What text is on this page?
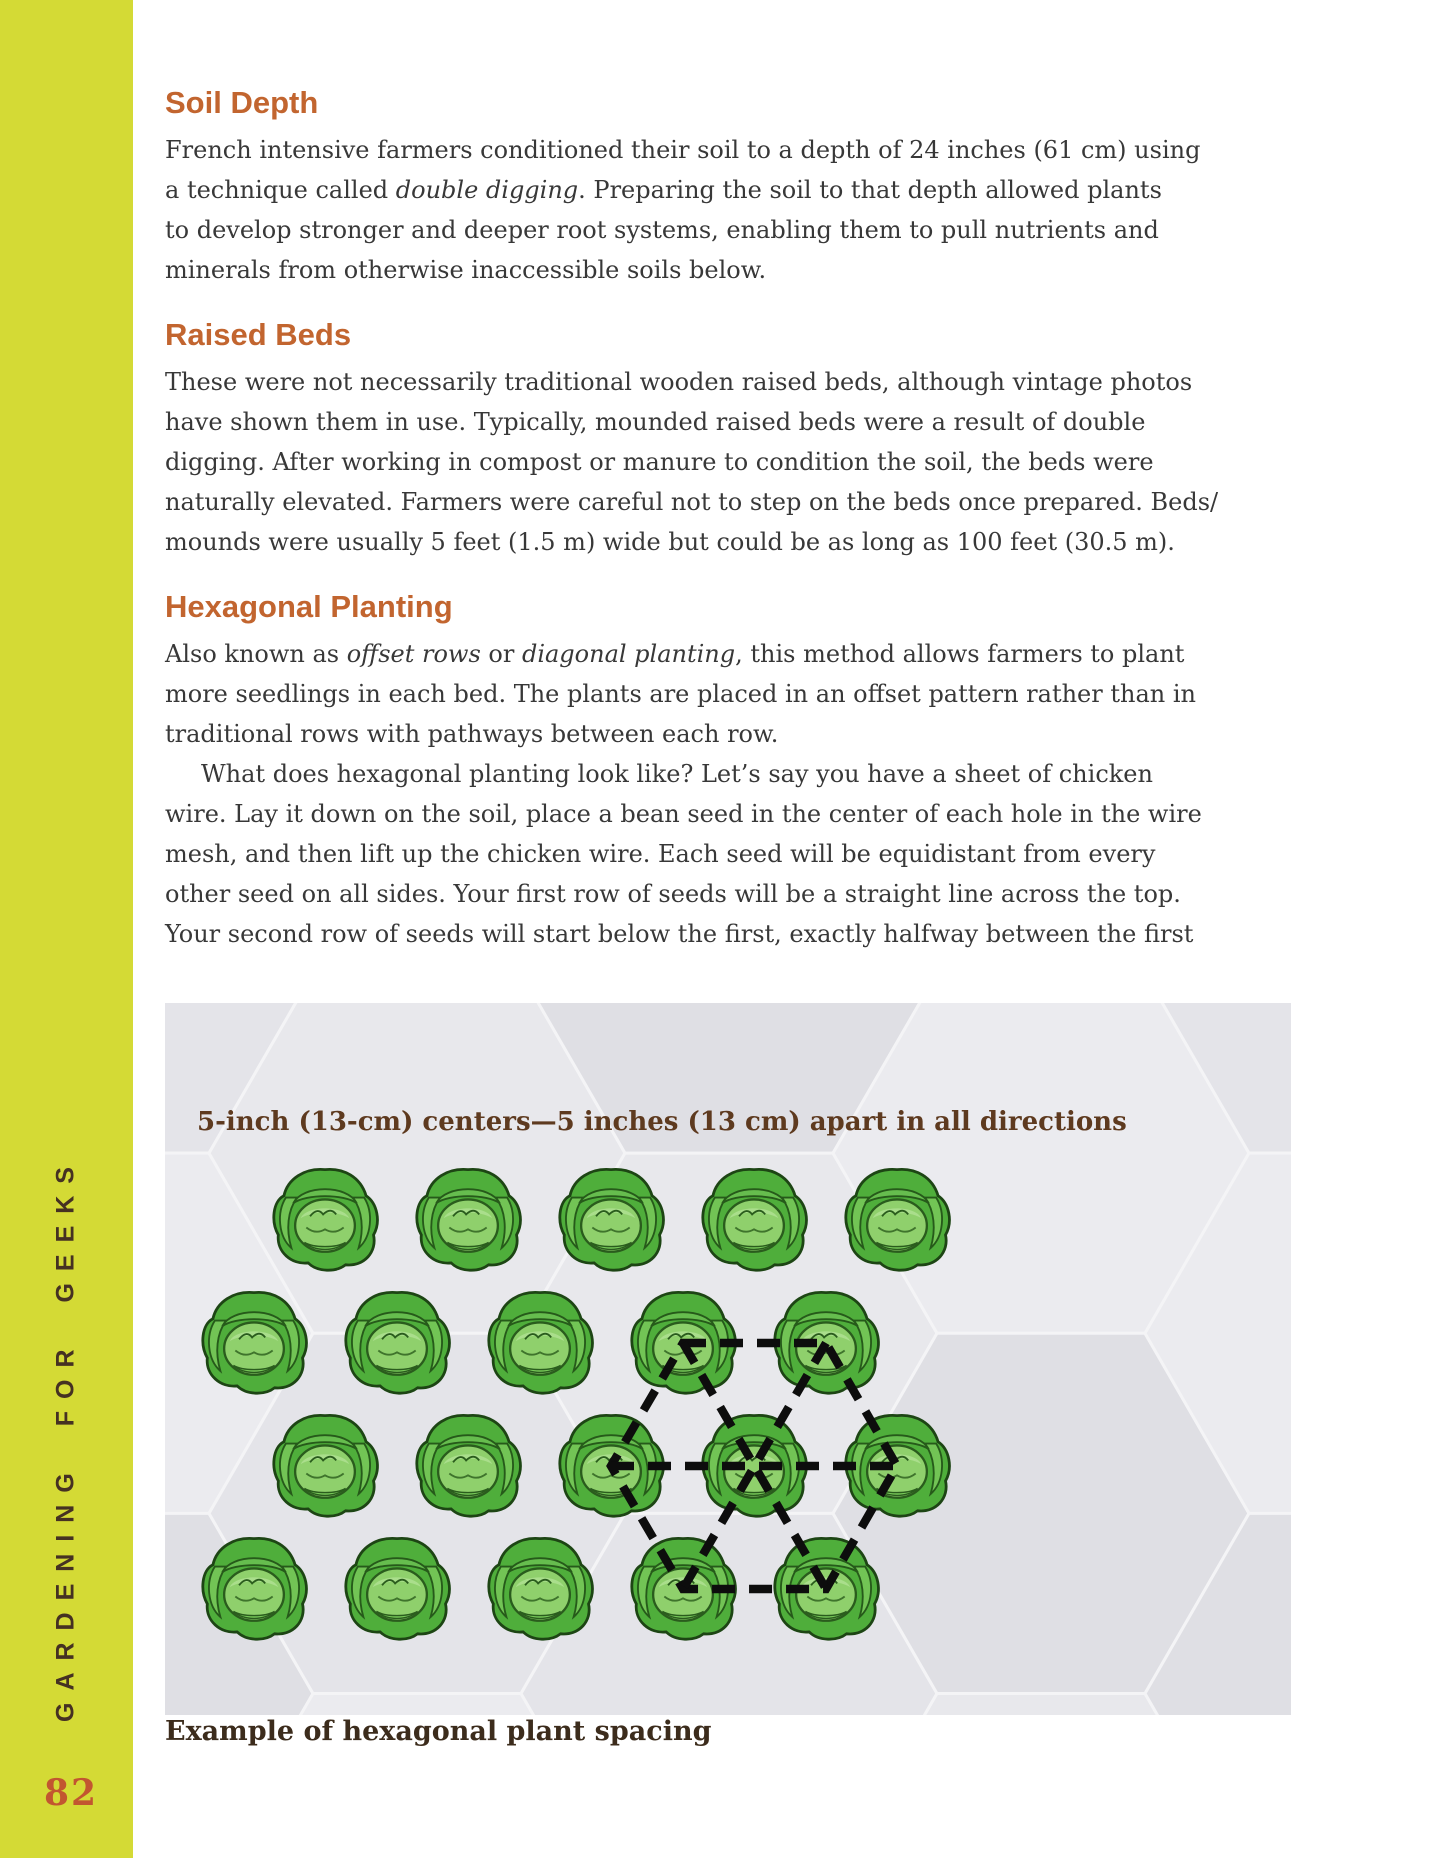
GARDENING FOR GEEKS
82
Soil Depth
French intensive farmers conditioned their soil to a depth of 24 inches (61 cm) using
a technique called double digging. Preparing the soil to that depth allowed plants
to develop stronger and deeper root systems, enabling them to pull nutrients and
minerals from otherwise inaccessible soils below.
Raised Beds
These were not necessarily traditional wooden raised beds, although vintage photos
have shown them in use. Typically, mounded raised beds were a result of double
digging. After working in compost or manure to condition the soil, the beds were
naturally elevated. Farmers were careful not to step on the beds once prepared. Beds/
mounds were usually 5 feet (1.5 m) wide but could be as long as 100 feet (30.5 m).
Hexagonal Planting
Also known as offset rows or diagonal planting, this method allows farmers to plant
more seedlings in each bed. The plants are placed in an offset pattern rather than in
traditional rows with pathways between each row.
What does hexagonal planting look like? Let’s say you have a sheet of chicken
wire. Lay it down on the soil, place a bean seed in the center of each hole in the wire
mesh, and then lift up the chicken wire. Each seed will be equidistant from every
other seed on all sides. Your first row of seeds will be a straight line across the top.
Your second row of seeds will start below the first, exactly halfway between the first
5-inch (13-cm) centers—5 inches (13 cm) apart in all directions
Example of hexagonal plant spacing
